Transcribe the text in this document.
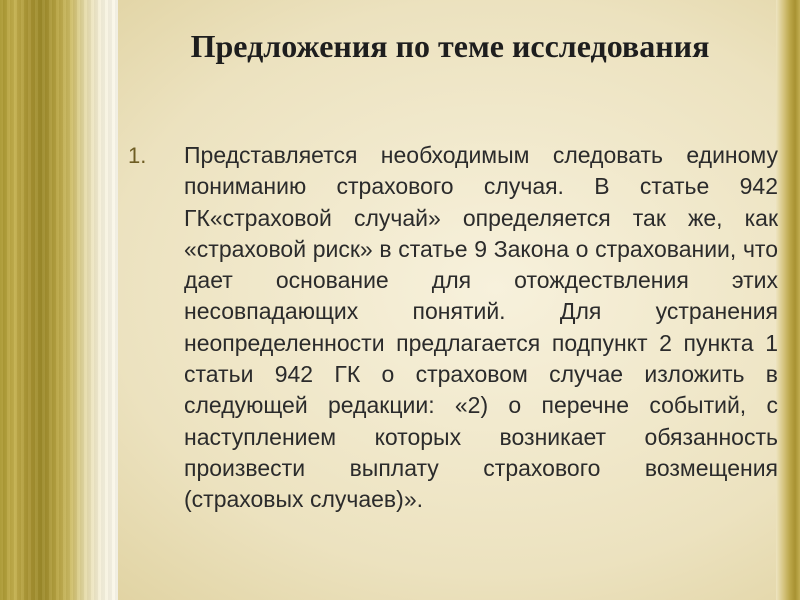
Предложения по теме исследования
1. Представляется необходимым следовать единому пониманию страхового случая. В статье 942 ГК«страховой случай» определяется так же, как «страховой риск» в статье 9 Закона о страховании, что дает основание для отождествления этих несовпадающих понятий. Для устранения неопределенности предлагается подпункт 2 пункта 1 статьи 942 ГК о страховом случае изложить в следующей редакции: «2) о перечне событий, с наступлением которых возникает обязанность произвести выплату страхового возмещения (страховых случаев)».
